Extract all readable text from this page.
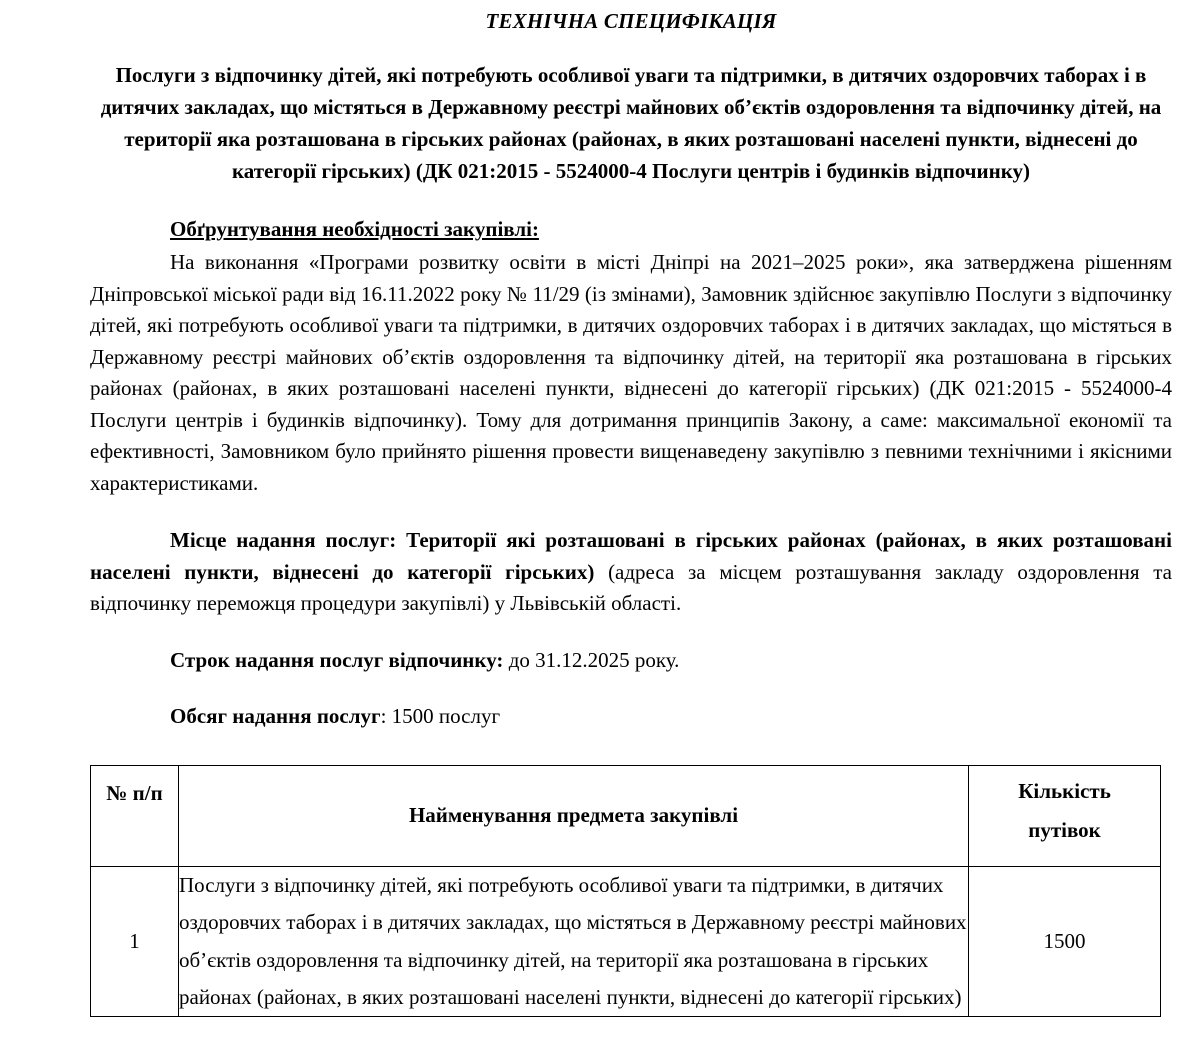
ТЕХНІЧНА СПЕЦИФІКАЦІЯ

Послуги з відпочинку дітей, які потребують особливої уваги та підтримки, в дитячих оздоровчих таборах і в дитячих закладах, що містяться в Державному реєстрі майнових об’єктів оздоровлення та відпочинку дітей, на території яка розташована в гірських районах (районах, в яких розташовані населені пункти, віднесені до категорії гірських) (ДК 021:2015 - 5524000-4 Послуги центрів і будинків відпочинку)

Обґрунтування необхідності закупівлі:

На виконання «Програми розвитку освіти в місті Дніпрі на 2021–2025 роки», яка затверджена рішенням Дніпровської міської ради від 16.11.2022 року № 11/29 (із змінами), Замовник здійснює закупівлю Послуги з відпочинку дітей, які потребують особливої уваги та підтримки, в дитячих оздоровчих таборах і в дитячих закладах, що містяться в Державному реєстрі майнових об’єктів оздоровлення та відпочинку дітей, на території яка розташована в гірських районах (районах, в яких розташовані населені пункти, віднесені до категорії гірських) (ДК 021:2015 - 5524000-4 Послуги центрів і будинків відпочинку). Тому для дотримання принципів Закону, а саме: максимальної економії та ефективності, Замовником було прийнято рішення провести вищенаведену закупівлю з певними технічними і якісними характеристиками.

Місце надання послуг: Території які розташовані в гірських районах (районах, в яких розташовані населені пункти, віднесені до категорії гірських) (адреса за місцем розташування закладу оздоровлення та відпочинку переможця процедури закупівлі) у Львівській області.

Строк надання послуг відпочинку: до 31.12.2025 року.

Обсяг надання послуг: 1500 послуг

№ п/п	Найменування предмета закупівлі	Кількість
путівок
1	Послуги з відпочинку дітей, які потребують особливої уваги та підтримки, в дитячих оздоровчих таборах і в дитячих закладах, що містяться в Державному реєстрі майнових об’єктів оздоровлення та відпочинку дітей, на території яка розташована в гірських районах (районах, в яких розташовані населені пункти, віднесені до категорії гірських)	1500
